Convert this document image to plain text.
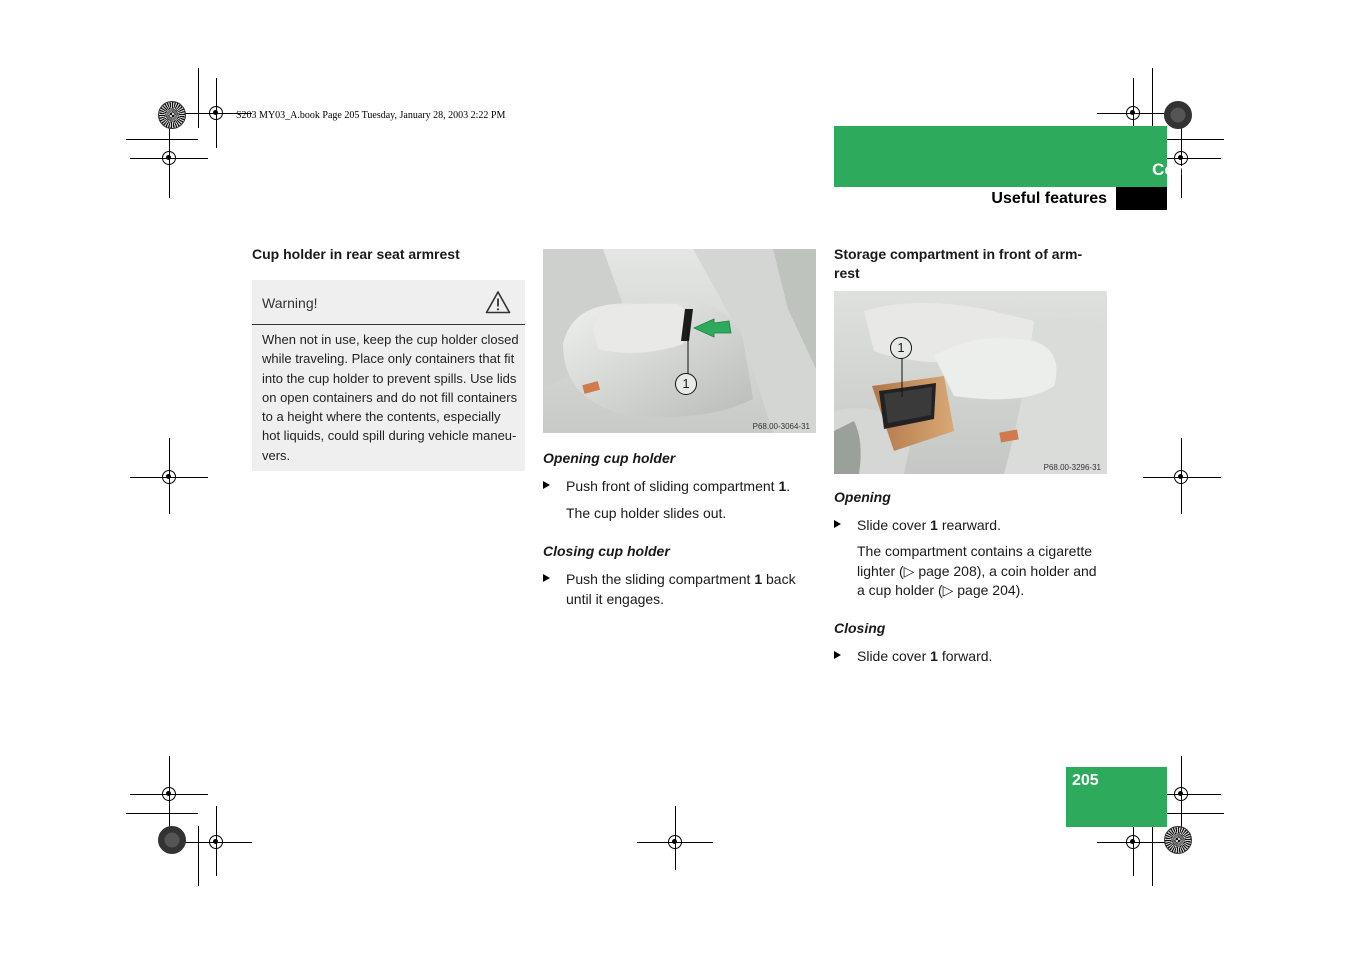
S203 MY03_A.book Page 205 Tuesday, January 28, 2003 2:22 PM
Controls in detail
Useful features
Cup holder in rear seat armrest
Warning!
When not in use, keep the cup holder closed
while traveling. Place only containers that fit
into the cup holder to prevent spills. Use lids
on open containers and do not fill containers
to a height where the contents, especially
hot liquids, could spill during vehicle maneu-
vers.
1
P68.00-3064-31
Opening cup holder
Push front of sliding compartment 1.
The cup holder slides out.
Closing cup holder
Push the sliding compartment 1 back
until it engages.
Storage compartment in front of arm-
rest
1
P68.00-3296-31
Opening
Slide cover 1 rearward.
The compartment contains a cigarette
lighter (▷ page 208), a coin holder and
a cup holder (▷ page 204).
Closing
Slide cover 1 forward.
205
